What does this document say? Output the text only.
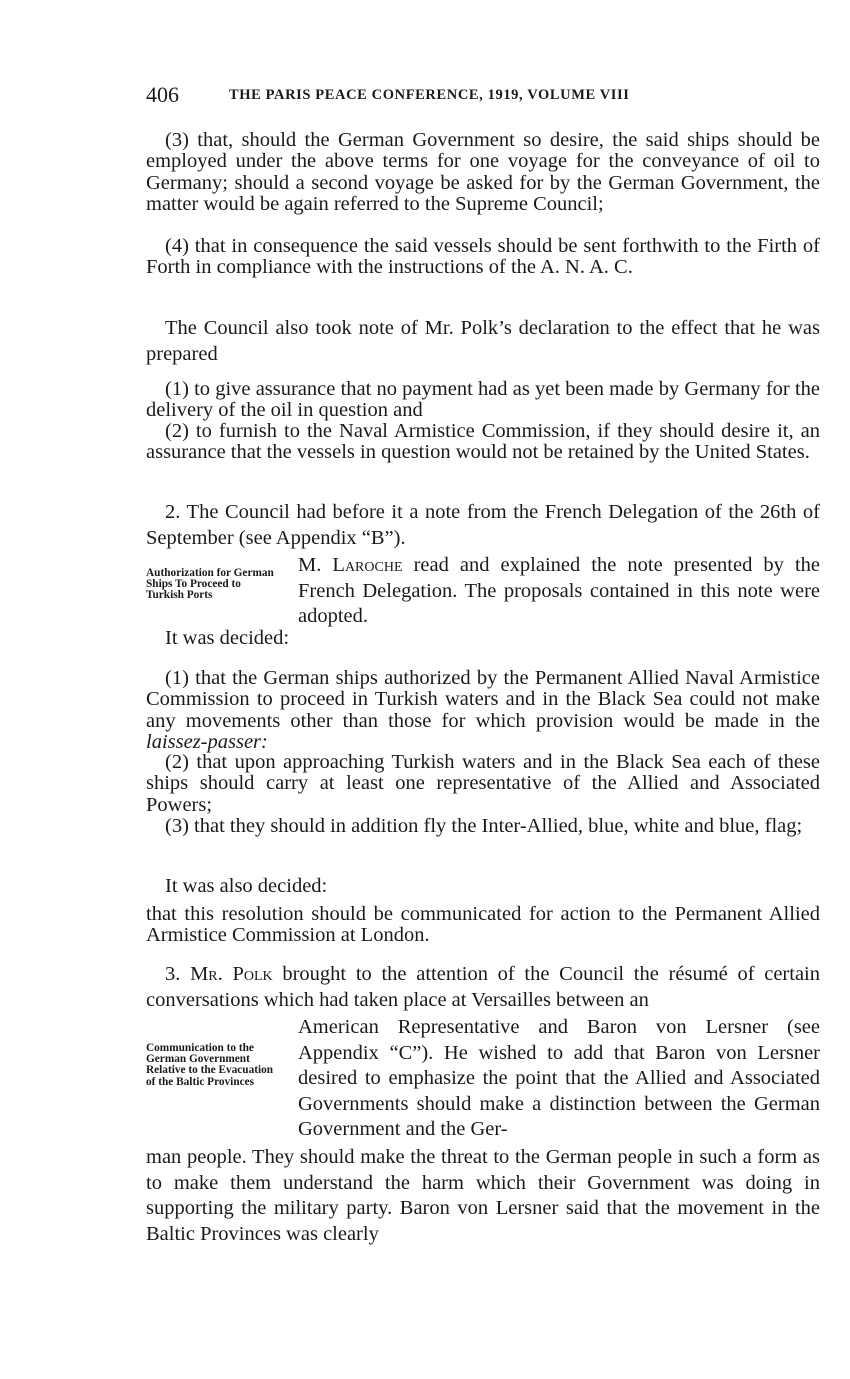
406	THE PARIS PEACE CONFERENCE, 1919, VOLUME VIII

(3) that, should the German Government so desire, the said ships should be employed under the above terms for one voyage for the conveyance of oil to Germany; should a second voyage be asked for by the German Government, the matter would be again referred to the Supreme Council;

(4) that in consequence the said vessels should be sent forthwith to the Firth of Forth in compliance with the instructions of the A. N. A. C.

The Council also took note of Mr. Polk’s declaration to the effect that he was prepared

(1) to give assurance that no payment had as yet been made by Germany for the delivery of the oil in question and

(2) to furnish to the Naval Armistice Commission, if they should desire it, an assurance that the vessels in question would not be retained by the United States.

2. The Council had before it a note from the French Delegation of the 26th of September (see Appendix “B”).

Authorization for German Ships To Proceed to Turkish Ports

M. Laroche read and explained the note presented by the French Delegation. The proposals contained in this note were adopted.

It was decided:

(1) that the German ships authorized by the Permanent Allied Naval Armistice Commission to proceed in Turkish waters and in the Black Sea could not make any movements other than those for which provision would be made in the laissez-passer:

(2) that upon approaching Turkish waters and in the Black Sea each of these ships should carry at least one representative of the Allied and Associated Powers;

(3) that they should in addition fly the Inter-Allied, blue, white and blue, flag;

It was also decided:

that this resolution should be communicated for action to the Permanent Allied Armistice Commission at London.

3. Mr. Polk brought to the attention of the Council the résumé of certain conversations which had taken place at Versailles between an

Communication to the German Government Relative to the Evacuation of the Baltic Provinces

American Representative and Baron von Lersner (see Appendix “C”). He wished to add that Baron von Lersner desired to emphasize the point that the Allied and Associated Governments should make a distinction between the German Government and the Ger-

man people. They should make the threat to the German people in such a form as to make them understand the harm which their Government was doing in supporting the military party. Baron von Lersner said that the movement in the Baltic Provinces was clearly
